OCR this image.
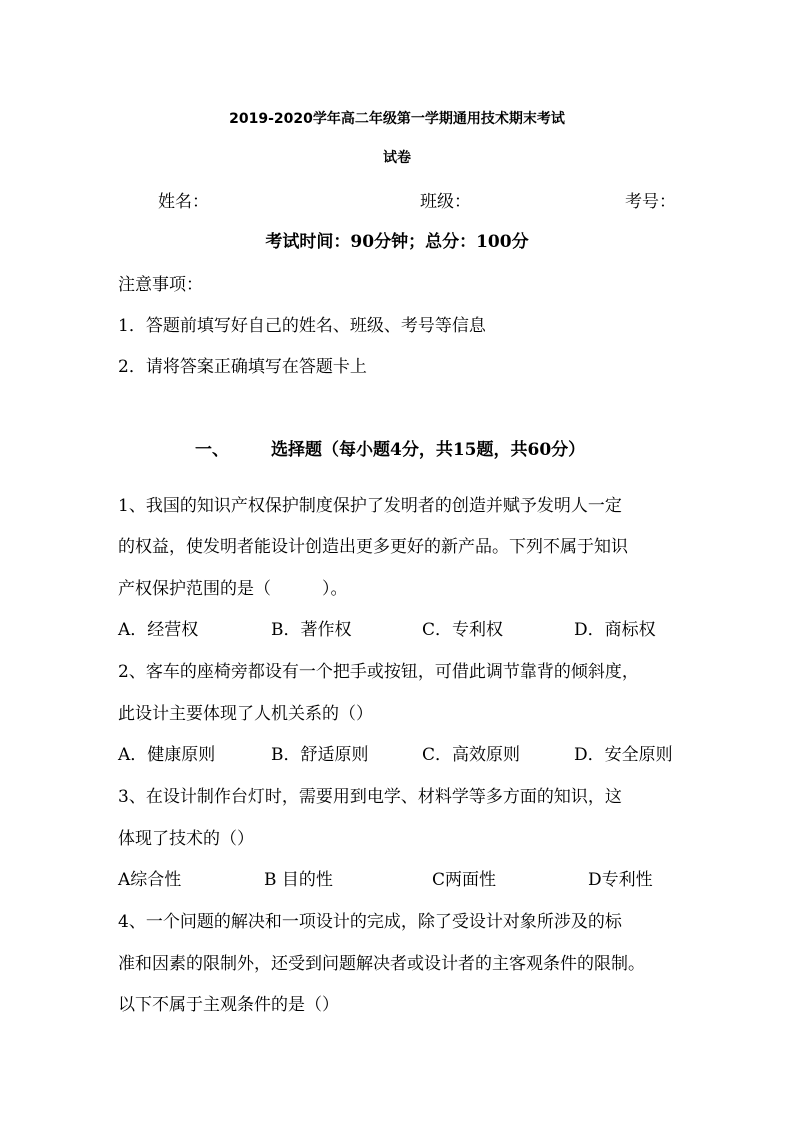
2019-2020学年高二年级第一学期通用技术期末考试
试卷
姓名：	班级：	考号：
考试时间：90分钟；总分：100分
注意事项：
1．答题前填写好自己的姓名、班级、考号等信息
2．请将答案正确填写在答题卡上
一、 选择题（每小题4分，共15题，共60分）
1、我国的知识产权保护制度保护了发明者的创造并赋予发明人一定
的权益，使发明者能设计创造出更多更好的新产品。下列不属于知识
产权保护范围的是（　　　）。
A．经营权	B．著作权	C．专利权	D．商标权
2、客车的座椅旁都设有一个把手或按钮，可借此调节靠背的倾斜度，
此设计主要体现了人机关系的（）
A．健康原则	B．舒适原则	C．高效原则	D．安全原则
3、在设计制作台灯时，需要用到电学、材料学等多方面的知识，这
体现了技术的（）
A综合性	B 目的性	C两面性	D专利性
4、一个问题的解决和一项设计的完成，除了受设计对象所涉及的标
准和因素的限制外，还受到问题解决者或设计者的主客观条件的限制。
以下不属于主观条件的是（）
